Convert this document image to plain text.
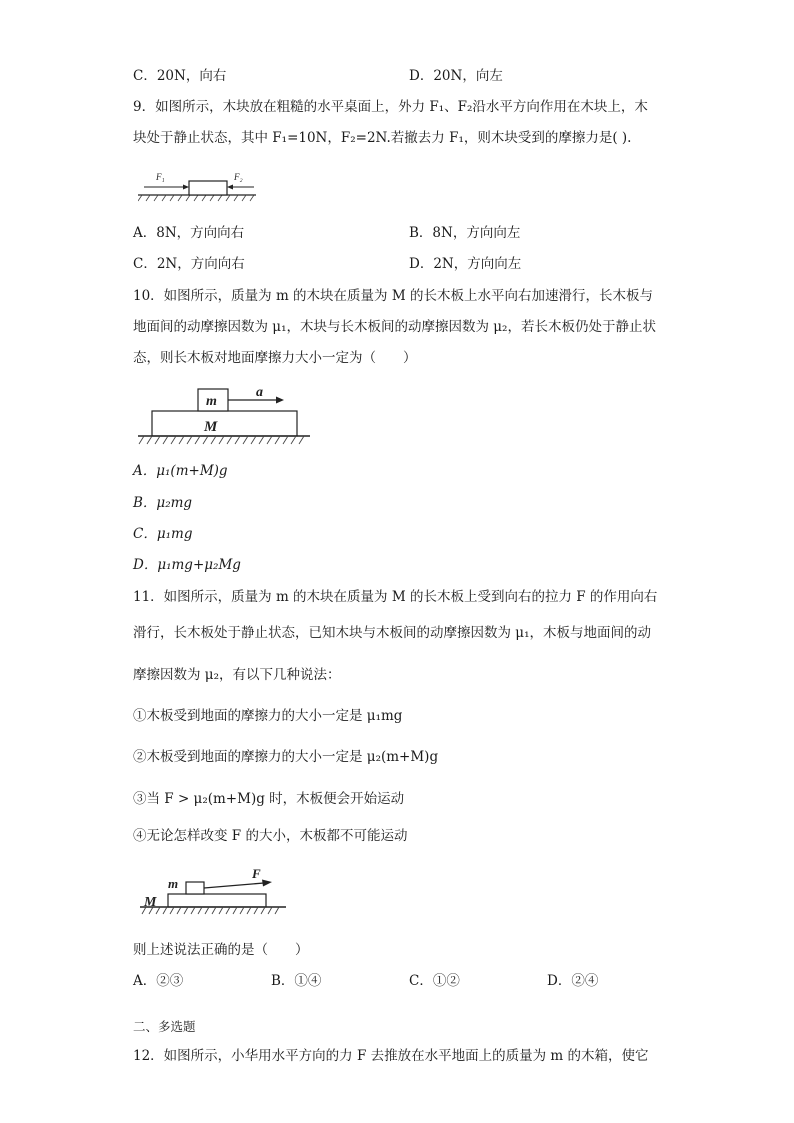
C．20N，向右	D．20N，向左
9．如图所示，木块放在粗糙的水平桌面上，外力 F₁、F₂沿水平方向作用在木块上，木
块处于静止状态，其中 F₁=10N，F₂=2N.若撤去力 F₁，则木块受到的摩擦力是( ).
F₁	F₂
A．8N，方向向右	B．8N，方向向左
C．2N，方向向右	D．2N，方向向左
10．如图所示，质量为 m 的木块在质量为 M 的长木板上水平向右加速滑行，长木板与
地面间的动摩擦因数为 μ₁，木块与长木板间的动摩擦因数为 μ₂，若长木板仍处于静止状
态，则长木板对地面摩擦力大小一定为（　　）
m
M
a
A．μ₁(m+M)g
B．μ₂mg
C．μ₁mg
D．μ₁mg+μ₂Mg
11．如图所示，质量为 m 的木块在质量为 M 的长木板上受到向右的拉力 F 的作用向右
滑行，长木板处于静止状态，已知木块与木板间的动摩擦因数为 μ₁，木板与地面间的动
摩擦因数为 μ₂，有以下几种说法：
①木板受到地面的摩擦力的大小一定是 μ₁mg
②木板受到地面的摩擦力的大小一定是 μ₂(m+M)g
③当 F > μ₂(m+M)g 时，木板便会开始运动
④无论怎样改变 F 的大小，木板都不可能运动
m
M
F
则上述说法正确的是（　　）
A．②③	B．①④	C．①②	D．②④
二、多选题
12．如图所示，小华用水平方向的力 F 去推放在水平地面上的质量为 m 的木箱，使它
